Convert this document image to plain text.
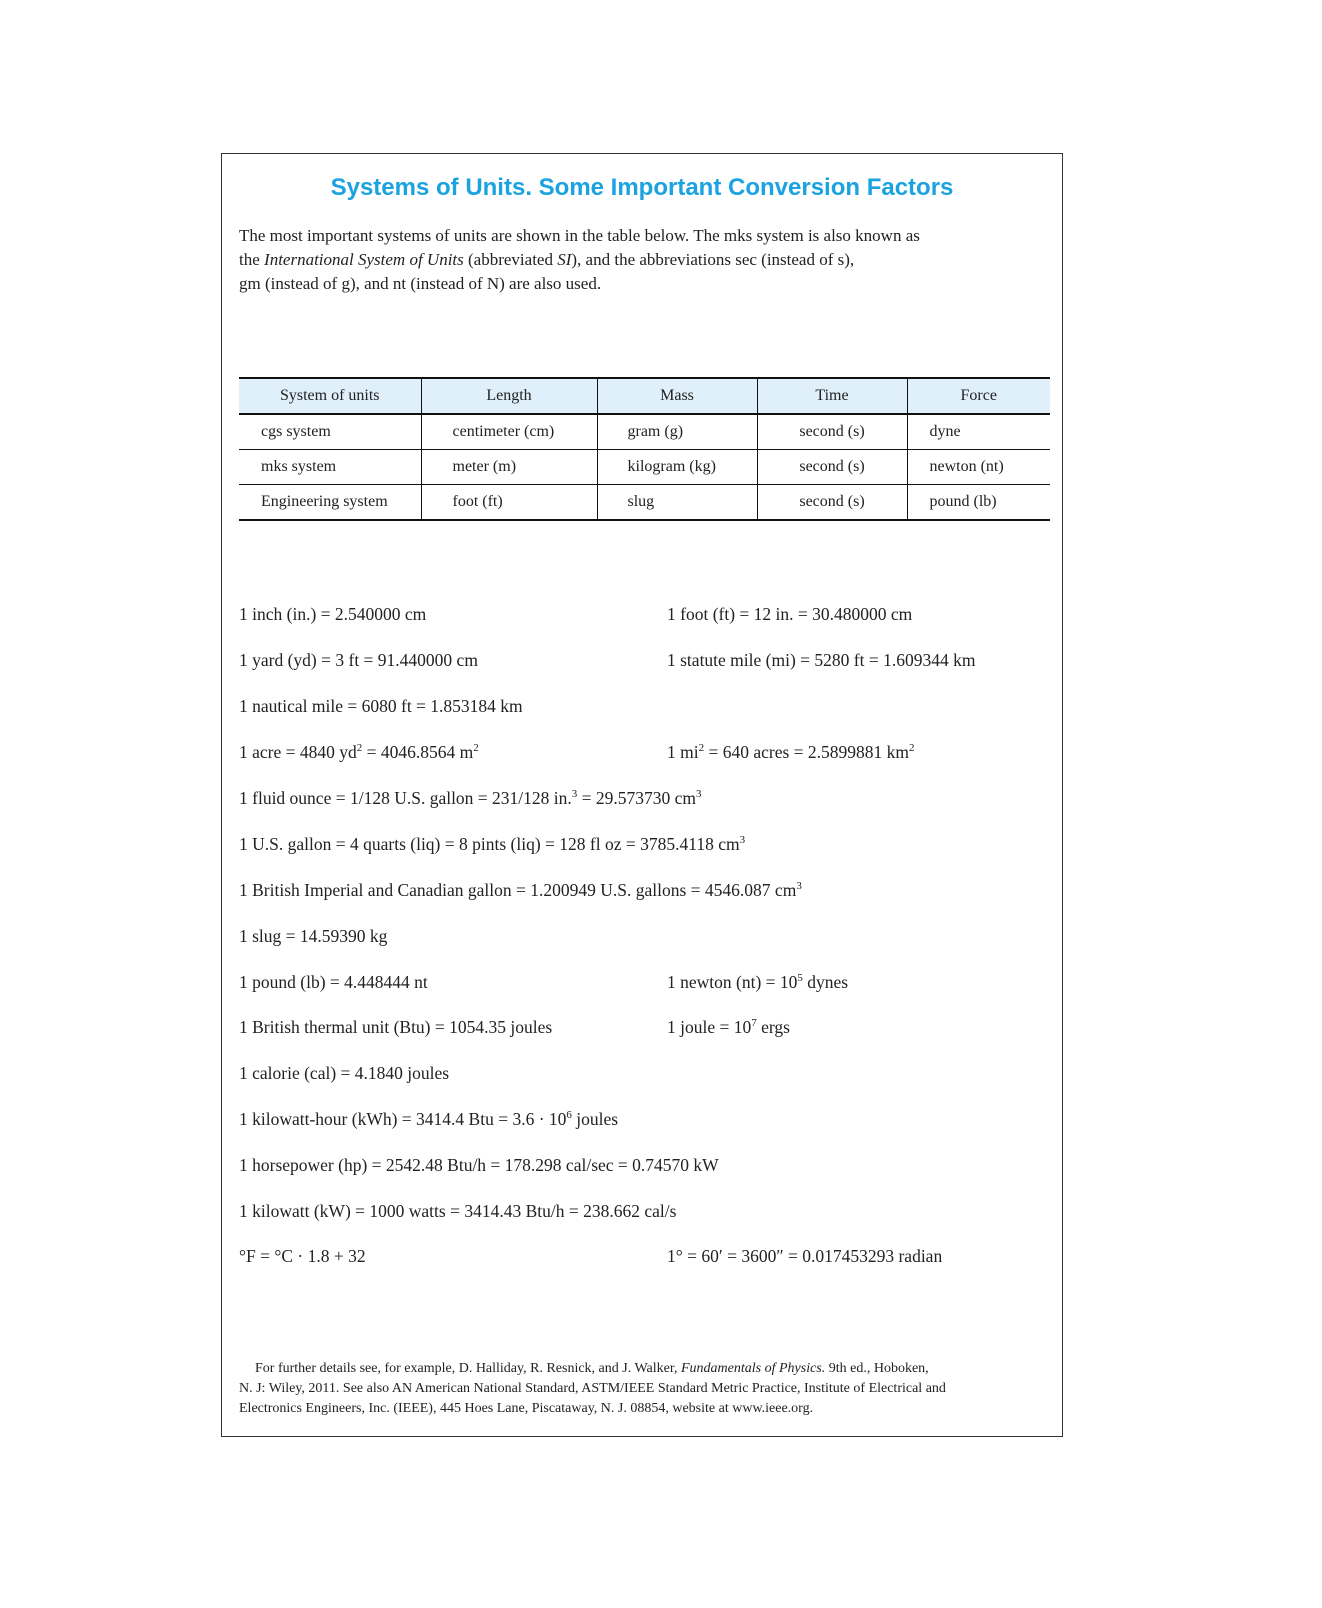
Systems of Units. Some Important Conversion Factors
The most important systems of units are shown in the table below. The mks system is also known as
the International System of Units (abbreviated SI), and the abbreviations sec (instead of s),
gm (instead of g), and nt (instead of N) are also used.
System of units	Length	Mass	Time	Force
cgs system	centimeter (cm)	gram (g)	second (s)	dyne
mks system	meter (m)	kilogram (kg)	second (s)	newton (nt)
Engineering system	foot (ft)	slug	second (s)	pound (lb)
1 inch (in.) = 2.540000 cm	1 foot (ft) = 12 in. = 30.480000 cm
1 yard (yd) = 3 ft = 91.440000 cm	1 statute mile (mi) = 5280 ft = 1.609344 km
1 nautical mile = 6080 ft = 1.853184 km
1 acre = 4840 $yd^2 = 4046.8564$ $m^2$	1 $mi^2 = 640$ acres = 2.5899881 $km^2$
1 fluid ounce = 1/128 U.S. gallon = 231/128 in.$^3$ = 29.573730 $cm^3$
1 U.S. gallon = 4 quarts (liq) = 8 pints (liq) = 128 fl oz = 3785.4118 $cm^3$
1 British Imperial and Canadian gallon = 1.200949 U.S. gallons = 4546.087 $cm^3$
1 slug = 14.59390 kg
1 pound (lb) = 4.448444 nt	1 newton $(nt) = 10^5$ dynes
1 British thermal unit (Btu) = 1054.35 joules	1 joule = $10^7$ ergs
1 calorie (cal) = 4.1840 joules
1 kilowatt-hour (kWh) = 3414.4 Btu = $3.6 \cdot 10^6$ joules
1 horsepower (hp) = 2542.48 Btu/h = 178.298 cal/sec = 0.74570 kW
1 kilowatt (kW) = 1000 watts = 3414.43 Btu/h = 238.662 cal/s
°F = °C · 1.8 + 32	1° = 60′ = 3600″ = 0.017453293 radian
For further details see, for example, D. Halliday, R. Resnick, and J. Walker, Fundamentals of Physics. 9th ed., Hoboken,
N. J: Wiley, 2011. See also AN American National Standard, ASTM/IEEE Standard Metric Practice, Institute of Electrical and
Electronics Engineers, Inc. (IEEE), 445 Hoes Lane, Piscataway, N. J. 08854, website at www.ieee.org.
